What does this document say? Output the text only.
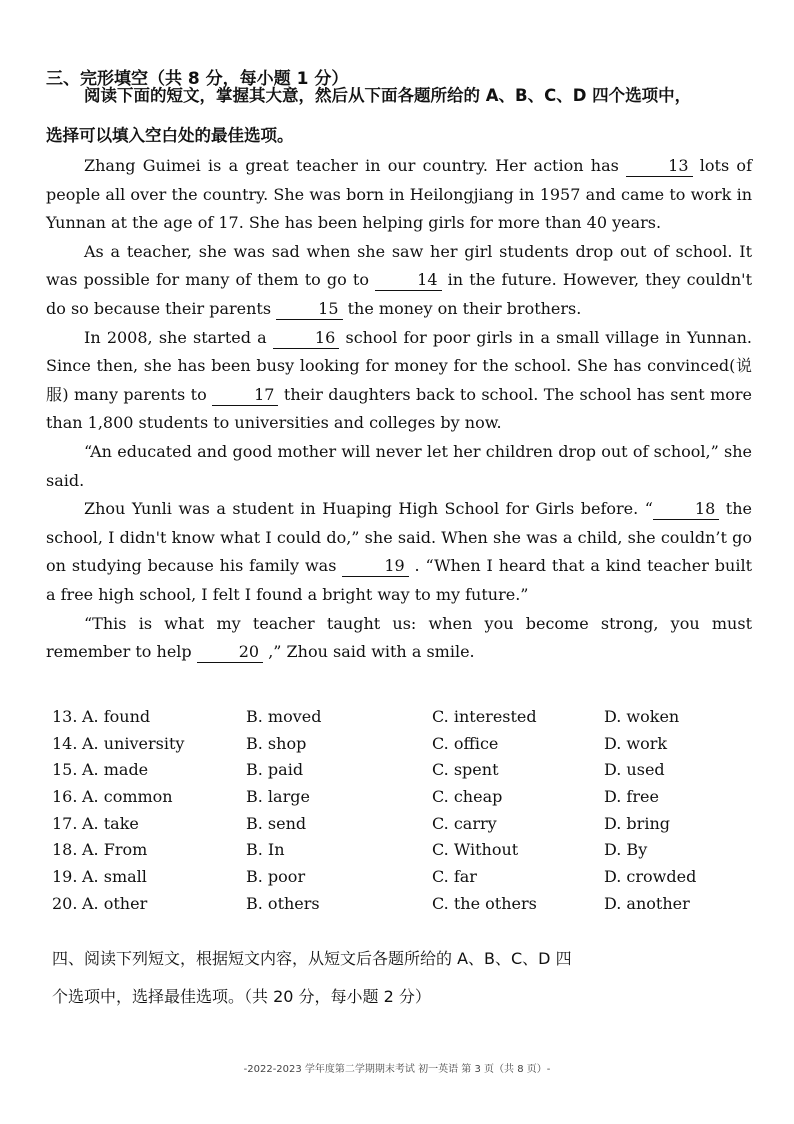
三、完形填空（共 8 分，每小题 1 分）
阅读下面的短文，掌握其大意，然后从下面各题所给的 A、B、C、D 四个选项中，
选择可以填入空白处的最佳选项。

Zhang Guimei is a great teacher in our country. Her action has	13 lots of people all over the country. She was born in Heilongjiang in 1957 and came to work in Yunnan at the age of 17. She has been helping girls for more than 40 years.

As a teacher, she was sad when she saw her girl students drop out of school. It was possible for many of them to go to	14 in the future. However, they couldn't do so because their parents	15 the money on their brothers.

In 2008, she started a	16 school for poor girls in a small village in Yunnan. Since then, she has been busy looking for money for the school. She has convinced(说服) many parents to	17 their daughters back to school. The school has sent more than 1,800 students to universities and colleges by now.

“An educated and good mother will never let her children drop out of school,” she said.

Zhou Yunli was a student in Huaping High School for Girls before. “	18 the school, I didn't know what I could do,” she said. When she was a child, she couldn’t go on studying because his family was	19 . “When I heard that a kind teacher built a free high school, I felt I found a bright way to my future.”

“This is what my teacher taught us: when you become strong, you must remember to help	20 ,” Zhou said with a smile.

13. A. found	B. moved	C. interested	D. woken
14. A. university	B. shop	C. office	D. work
15. A. made	B. paid	C. spent	D. used
16. A. common	B. large	C. cheap	D. free
17. A. take	B. send	C. carry	D. bring
18. A. From	B. In	C. Without	D. By
19. A. small	B. poor	C. far	D. crowded
20. A. other	B. others	C. the others	D. another
四、阅读下列短文，根据短文内容，从短文后各题所给的 A、B、C、D 四
个选项中，选择最佳选项。（共 20 分，每小题 2 分）
-2022-2023 学年度第二学期期末考试 初一英语 第 3 页（共 8 页）-
